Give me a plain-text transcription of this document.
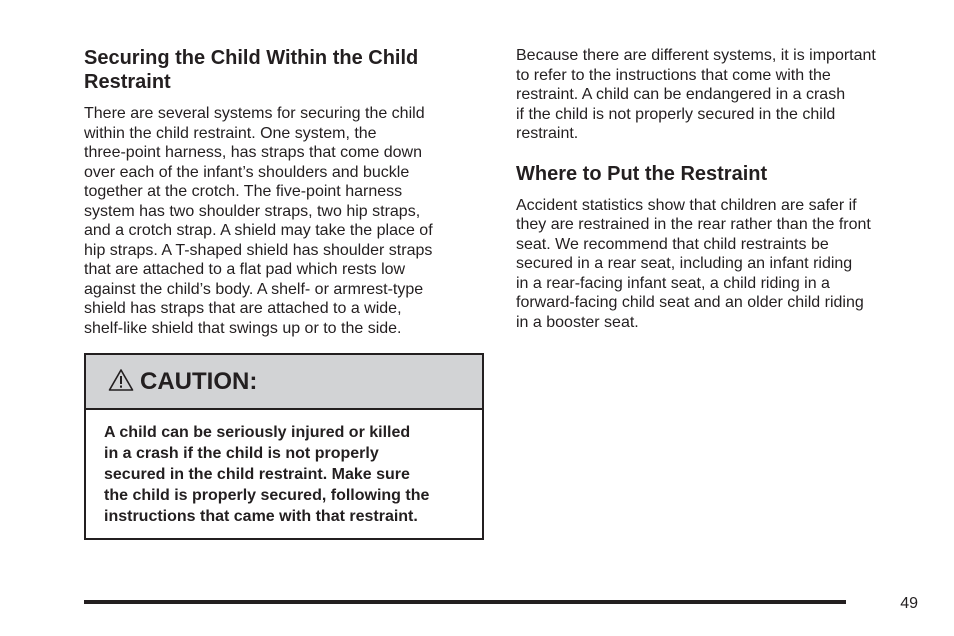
Securing the Child Within the Child
Restraint

There are several systems for securing the child
within the child restraint. One system, the
three-point harness, has straps that come down
over each of the infant’s shoulders and buckle
together at the crotch. The five-point harness
system has two shoulder straps, two hip straps,
and a crotch strap. A shield may take the place of
hip straps. A T-shaped shield has shoulder straps
that are attached to a flat pad which rests low
against the child’s body. A shelf- or armrest-type
shield has straps that are attached to a wide,
shelf-like shield that swings up or to the side.

CAUTION:
A child can be seriously injured or killed
in a crash if the child is not properly
secured in the child restraint. Make sure
the child is properly secured, following the
instructions that came with that restraint.

Because there are different systems, it is important
to refer to the instructions that come with the
restraint. A child can be endangered in a crash
if the child is not properly secured in the child
restraint.

Where to Put the Restraint

Accident statistics show that children are safer if
they are restrained in the rear rather than the front
seat. We recommend that child restraints be
secured in a rear seat, including an infant riding
in a rear-facing infant seat, a child riding in a
forward-facing child seat and an older child riding
in a booster seat.

49
